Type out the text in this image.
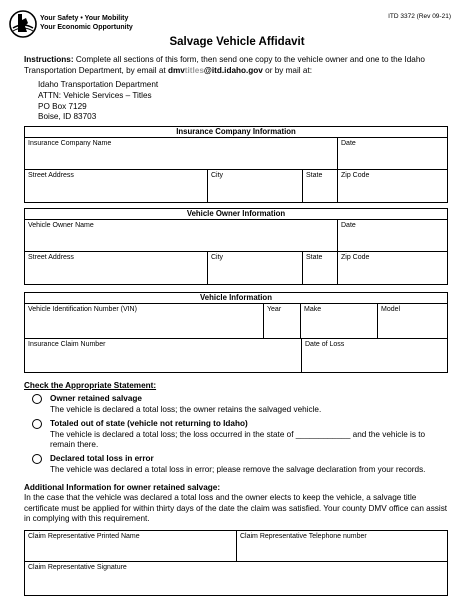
Your Safety • Your Mobility
Your Economic Opportunity
ITD 3372 (Rev 09-21)
Salvage Vehicle Affidavit
Instructions: Complete all sections of this form, then send one copy to the vehicle owner and one to the Idaho Transportation Department, by email at dmvtitles@itd.idaho.gov or by mail at:
Idaho Transportation Department
ATTN: Vehicle Services – Titles
PO Box 7129
Boise, ID 83703
Insurance Company Information
Insurance Company Name	Date
Street Address	City	State	Zip Code
Vehicle Owner Information
Vehicle Owner Name	Date
Street Address	City	State	Zip Code
Vehicle Information
Vehicle Identification Number (VIN)	Year	Make	Model
Insurance Claim Number	Date of Loss
Check the Appropriate Statement:
Owner retained salvage
The vehicle is declared a total loss; the owner retains the salvaged vehicle.
Totaled out of state (vehicle not returning to Idaho)
The vehicle is declared a total loss; the loss occurred in the state of ____________ and the vehicle is to remain there.
Declared total loss in error
The vehicle was declared a total loss in error; please remove the salvage declaration from your records.
Additional Information for owner retained salvage:
In the case that the vehicle was declared a total loss and the owner elects to keep the vehicle, a salvage title certificate must be applied for within thirty days of the date the claim was satisfied. Your county DMV office can assist in complying with this requirement.
Claim Representative Printed Name	Claim Representative Telephone number
Claim Representative Signature
